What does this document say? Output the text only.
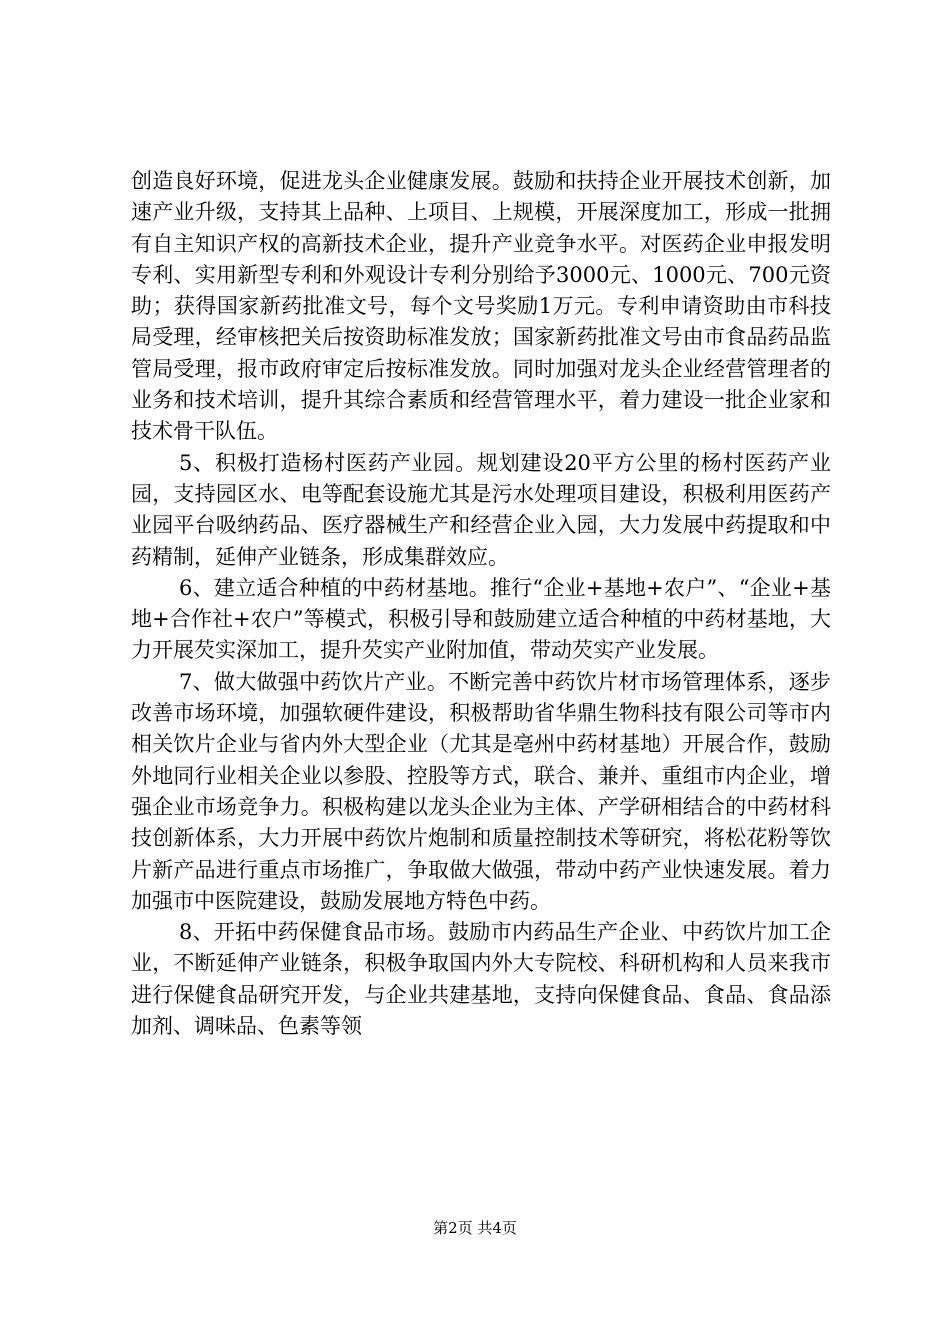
创造良好环境，促进龙头企业健康发展。鼓励和扶持企业开展技术创新，加速产业升级，支持其上品种、上项目、上规模，开展深度加工，形成一批拥有自主知识产权的高新技术企业，提升产业竞争水平。对医药企业申报发明专利、实用新型专利和外观设计专利分别给予3000元、1000元、700元资助；获得国家新药批准文号，每个文号奖励1万元。专利申请资助由市科技局受理，经审核把关后按资助标准发放；国家新药批准文号由市食品药品监管局受理，报市政府审定后按标准发放。同时加强对龙头企业经营管理者的业务和技术培训，提升其综合素质和经营管理水平，着力建设一批企业家和技术骨干队伍。

5、积极打造杨村医药产业园。规划建设20平方公里的杨村医药产业园，支持园区水、电等配套设施尤其是污水处理项目建设，积极利用医药产业园平台吸纳药品、医疗器械生产和经营企业入园，大力发展中药提取和中药精制，延伸产业链条，形成集群效应。

6、建立适合种植的中药材基地。推行“企业+基地+农户”、“企业+基地+合作社+农户”等模式，积极引导和鼓励建立适合种植的中药材基地，大力开展芡实深加工，提升芡实产业附加值，带动芡实产业发展。

7、做大做强中药饮片产业。不断完善中药饮片材市场管理体系，逐步改善市场环境，加强软硬件建设，积极帮助省华鼎生物科技有限公司等市内相关饮片企业与省内外大型企业（尤其是亳州中药材基地）开展合作，鼓励外地同行业相关企业以参股、控股等方式，联合、兼并、重组市内企业，增强企业市场竞争力。积极构建以龙头企业为主体、产学研相结合的中药材科技创新体系，大力开展中药饮片炮制和质量控制技术等研究，将松花粉等饮片新产品进行重点市场推广，争取做大做强，带动中药产业快速发展。着力加强市中医院建设，鼓励发展地方特色中药。

8、开拓中药保健食品市场。鼓励市内药品生产企业、中药饮片加工企业，不断延伸产业链条，积极争取国内外大专院校、科研机构和人员来我市进行保健食品研究开发，与企业共建基地，支持向保健食品、食品、食品添加剂、调味品、色素等领

第2页 共4页
